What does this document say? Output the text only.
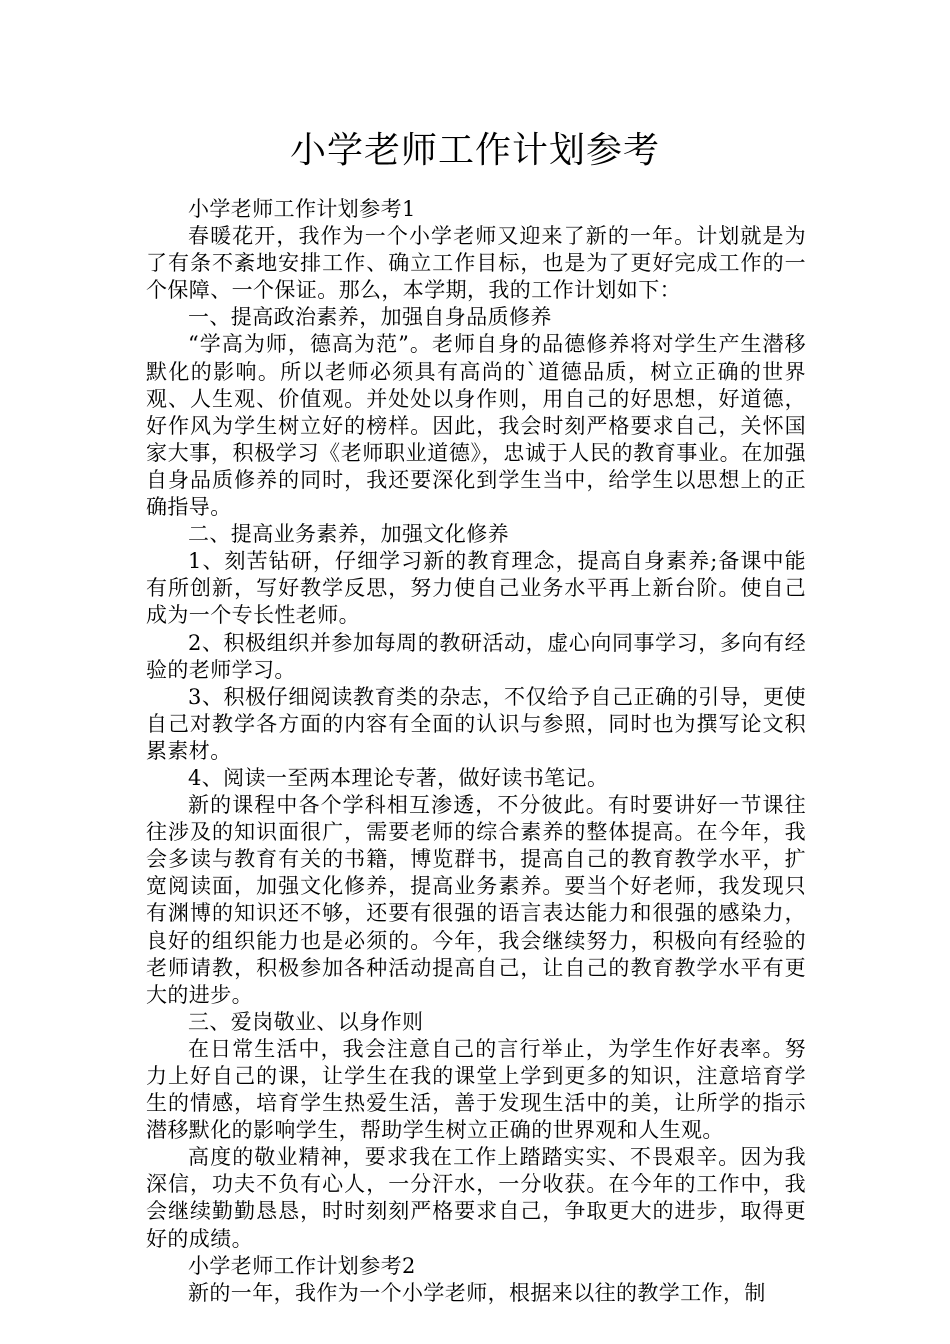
小学老师工作计划参考

小学老师工作计划参考1

春暖花开，我作为一个小学老师又迎来了新的一年。计划就是为了有条不紊地安排工作、确立工作目标，也是为了更好完成工作的一个保障、一个保证。那么，本学期，我的工作计划如下：

一、提高政治素养，加强自身品质修养

“学高为师，德高为范”。老师自身的品德修养将对学生产生潜移默化的影响。所以老师必须具有高尚的`道德品质，树立正确的世界观、人生观、价值观。并处处以身作则，用自己的好思想，好道德，好作风为学生树立好的榜样。因此，我会时刻严格要求自己，关怀国家大事，积极学习《老师职业道德》，忠诚于人民的教育事业。在加强自身品质修养的同时，我还要深化到学生当中，给学生以思想上的正确指导。

二、提高业务素养，加强文化修养

1、刻苦钻研，仔细学习新的教育理念，提高自身素养;备课中能有所创新，写好教学反思，努力使自己业务水平再上新台阶。使自己成为一个专长性老师。

2、积极组织并参加每周的教研活动，虚心向同事学习，多向有经验的老师学习。

3、积极仔细阅读教育类的杂志，不仅给予自己正确的引导，更使自己对教学各方面的内容有全面的认识与参照，同时也为撰写论文积累素材。

4、阅读一至两本理论专著，做好读书笔记。

新的课程中各个学科相互渗透，不分彼此。有时要讲好一节课往往涉及的知识面很广，需要老师的综合素养的整体提高。在今年，我会多读与教育有关的书籍，博览群书，提高自己的教育教学水平，扩宽阅读面，加强文化修养，提高业务素养。要当个好老师，我发现只有渊博的知识还不够，还要有很强的语言表达能力和很强的感染力，良好的组织能力也是必须的。今年，我会继续努力，积极向有经验的老师请教，积极参加各种活动提高自己，让自己的教育教学水平有更大的进步。

三、爱岗敬业、以身作则

在日常生活中，我会注意自己的言行举止，为学生作好表率。努力上好自己的课，让学生在我的课堂上学到更多的知识，注意培育学生的情感，培育学生热爱生活，善于发现生活中的美，让所学的指示潜移默化的影响学生，帮助学生树立正确的世界观和人生观。

高度的敬业精神，要求我在工作上踏踏实实、不畏艰辛。因为我深信，功夫不负有心人，一分汗水，一分收获。在今年的工作中，我会继续勤勤恳恳，时时刻刻严格要求自己，争取更大的进步，取得更好的成绩。

小学老师工作计划参考2

新的一年，我作为一个小学老师，根据来以往的教学工作，制
